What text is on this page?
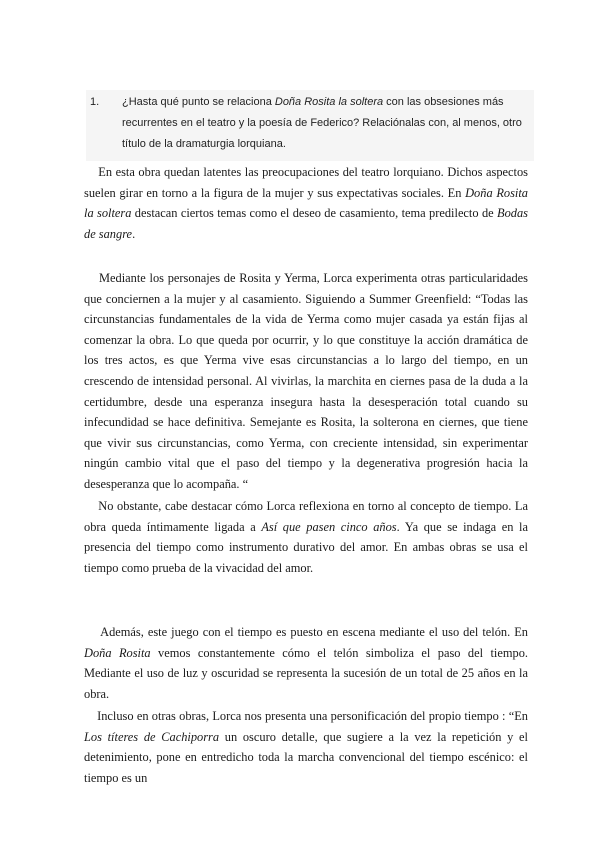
1. ¿Hasta qué punto se relaciona Doña Rosita la soltera con las obsesiones más recurrentes en el teatro y la poesía de Federico? Relaciónalas con, al menos, otro título de la dramaturgia lorquiana.

En esta obra quedan latentes las preocupaciones del teatro lorquiano. Dichos aspectos suelen girar en torno a la figura de la mujer y sus expectativas sociales. En Doña Rosita la soltera destacan ciertos temas como el deseo de casamiento, tema predilecto de Bodas de sangre.

Mediante los personajes de Rosita y Yerma, Lorca experimenta otras particularidades que conciernen a la mujer y al casamiento. Siguiendo a Summer Greenfield: “Todas las circunstancias fundamentales de la vida de Yerma como mujer casada ya están fijas al comenzar la obra. Lo que queda por ocurrir, y lo que constituye la acción dramática de los tres actos, es que Yerma vive esas circunstancias a lo largo del tiempo, en un crescendo de intensidad personal. Al vivirlas, la marchita en ciernes pasa de la duda a la certidumbre, desde una esperanza insegura hasta la desesperación total cuando su infecundidad se hace definitiva. Semejante es Rosita, la solterona en ciernes, que tiene que vivir sus circunstancias, como Yerma, con creciente intensidad, sin experimentar ningún cambio vital que el paso del tiempo y la degenerativa progresión hacia la desesperanza que lo acompaña. “

No obstante, cabe destacar cómo Lorca reflexiona en torno al concepto de tiempo. La obra queda íntimamente ligada a Así que pasen cinco años. Ya que se indaga en la presencia del tiempo como instrumento durativo del amor. En ambas obras se usa el tiempo como prueba de la vivacidad del amor.

Además, este juego con el tiempo es puesto en escena mediante el uso del telón. En Doña Rosita vemos constantemente cómo el telón simboliza el paso del tiempo. Mediante el uso de luz y oscuridad se representa la sucesión de un total de 25 años en la obra.

Incluso en otras obras, Lorca nos presenta una personificación del propio tiempo : “En Los títeres de Cachiporra un oscuro detalle, que sugiere a la vez la repetición y el detenimiento, pone en entredicho toda la marcha convencional del tiempo escénico: el tiempo es un
